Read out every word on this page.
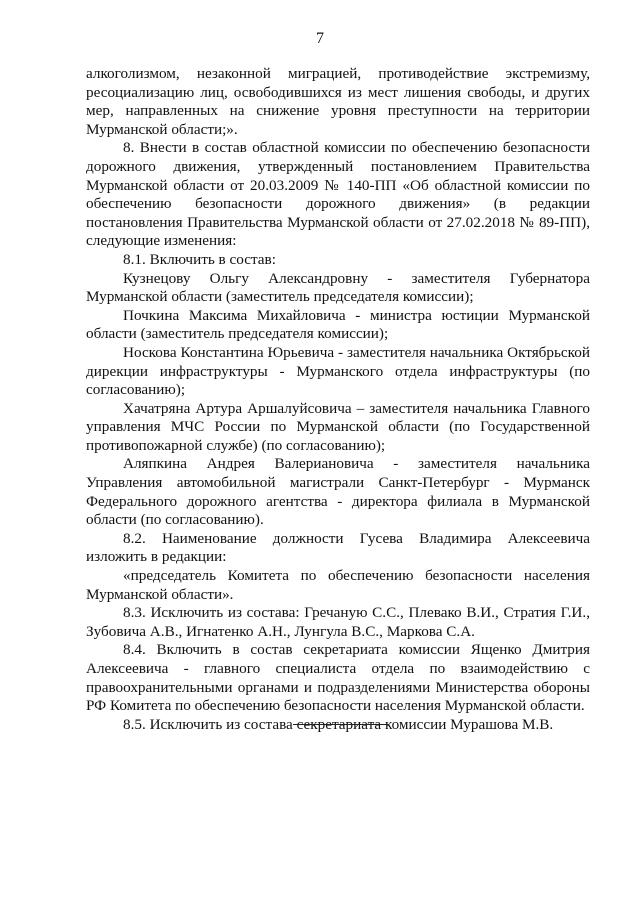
7

алкоголизмом, незаконной миграцией, противодействие экстремизму, ресоциализацию лиц, освободившихся из мест лишения свободы, и других мер, направленных на снижение уровня преступности на территории Мурманской области;».

8. Внести в состав областной комиссии по обеспечению безопасности дорожного движения, утвержденный постановлением Правительства Мурманской области от 20.03.2009 № 140-ПП «Об областной комиссии по обеспечению безопасности дорожного движения» (в редакции постановления Правительства Мурманской области от 27.02.2018 № 89-ПП), следующие изменения:

8.1. Включить в состав:

Кузнецову Ольгу Александровну - заместителя Губернатора Мурманской области (заместитель председателя комиссии);

Почкина Максима Михайловича - министра юстиции Мурманской области (заместитель председателя комиссии);

Носкова Константина Юрьевича - заместителя начальника Октябрьской дирекции инфраструктуры - Мурманского отдела инфраструктуры (по согласованию);

Хачатряна Артура Аршалуйсовича – заместителя начальника Главного управления МЧС России по Мурманской области (по Государственной противопожарной службе) (по согласованию);

Аляпкина Андрея Валериановича - заместителя начальника Управления автомобильной магистрали Санкт-Петербург - Мурманск Федерального дорожного агентства - директора филиала в Мурманской области (по согласованию).

8.2. Наименование должности Гусева Владимира Алексеевича изложить в редакции:

«председатель Комитета по обеспечению безопасности населения Мурманской области».

8.3. Исключить из состава: Гречаную С.С., Плевако В.И., Стратия Г.И., Зубовича А.В., Игнатенко А.Н., Лунгула В.С., Маркова С.А.

8.4. Включить в состав секретариата комиссии Ященко Дмитрия Алексеевича - главного специалиста отдела по взаимодействию с правоохранительными органами и подразделениями Министерства обороны РФ Комитета по обеспечению безопасности населения Мурманской области.

8.5. Исключить из состава секретариата комиссии Мурашова М.В.
